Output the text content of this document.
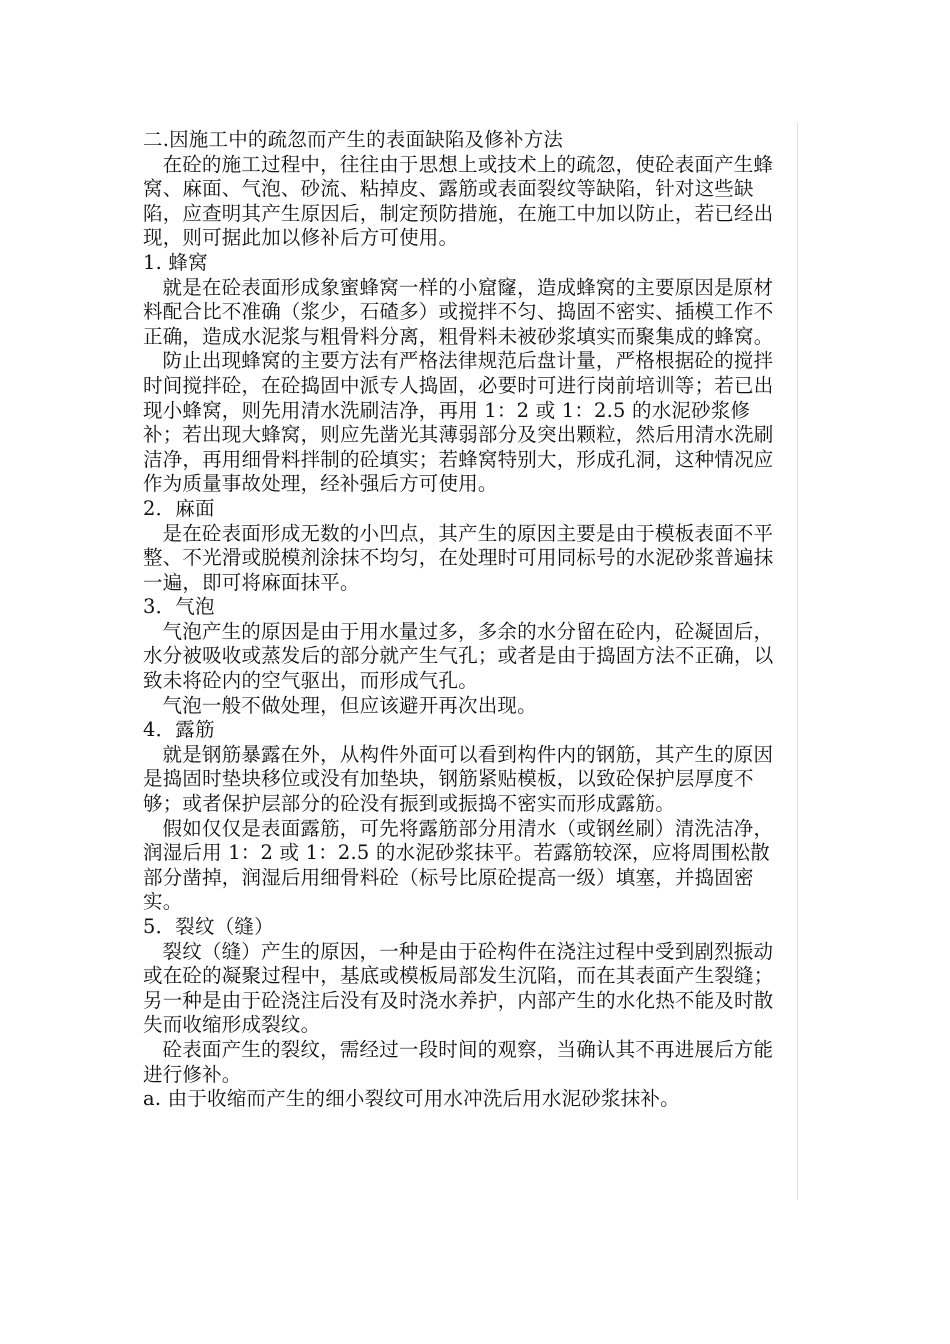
二.因施工中的疏忽而产生的表面缺陷及修补方法

在砼的施工过程中，往往由于思想上或技术上的疏忽，使砼表面产生蜂窝、麻面、气泡、砂流、粘掉皮、露筋或表面裂纹等缺陷，针对这些缺陷，应查明其产生原因后，制定预防措施，在施工中加以防止，若已经出现，则可据此加以修补后方可使用。

1. 蜂窝

就是在砼表面形成象蜜蜂窝一样的小窟窿，造成蜂窝的主要原因是原材料配合比不准确（浆少，石碴多）或搅拌不匀、捣固不密实、插模工作不正确，造成水泥浆与粗骨料分离，粗骨料未被砂浆填实而聚集成的蜂窝。

防止出现蜂窝的主要方法有严格法律规范后盘计量，严格根据砼的搅拌时间搅拌砼，在砼捣固中派专人捣固，必要时可进行岗前培训等；若已出现小蜂窝，则先用清水洗刷洁净，再用 1：2 或 1：2.5 的水泥砂浆修补；若出现大蜂窝，则应先凿光其薄弱部分及突出颗粒，然后用清水洗刷洁净，再用细骨料拌制的砼填实；若蜂窝特别大，形成孔洞，这种情况应作为质量事故处理，经补强后方可使用。

2．麻面

是在砼表面形成无数的小凹点，其产生的原因主要是由于模板表面不平整、不光滑或脱模剂涂抹不均匀，在处理时可用同标号的水泥砂浆普遍抹一遍，即可将麻面抹平。

3．气泡

气泡产生的原因是由于用水量过多，多余的水分留在砼内，砼凝固后，水分被吸收或蒸发后的部分就产生气孔；或者是由于捣固方法不正确，以致未将砼内的空气驱出，而形成气孔。

气泡一般不做处理，但应该避开再次出现。

4．露筋

就是钢筋暴露在外，从构件外面可以看到构件内的钢筋，其产生的原因是捣固时垫块移位或没有加垫块，钢筋紧贴模板，以致砼保护层厚度不够；或者保护层部分的砼没有振到或振捣不密实而形成露筋。

假如仅仅是表面露筋，可先将露筋部分用清水（或钢丝刷）清洗洁净，润湿后用 1：2 或 1：2.5 的水泥砂浆抹平。若露筋较深，应将周围松散部分凿掉，润湿后用细骨料砼（标号比原砼提高一级）填塞，并捣固密实。

5．裂纹（缝）

裂纹（缝）产生的原因，一种是由于砼构件在浇注过程中受到剧烈振动或在砼的凝聚过程中，基底或模板局部发生沉陷，而在其表面产生裂缝；另一种是由于砼浇注后没有及时浇水养护，内部产生的水化热不能及时散失而收缩形成裂纹。

砼表面产生的裂纹，需经过一段时间的观察，当确认其不再进展后方能进行修补。

a. 由于收缩而产生的细小裂纹可用水冲洗后用水泥砂浆抹补。
